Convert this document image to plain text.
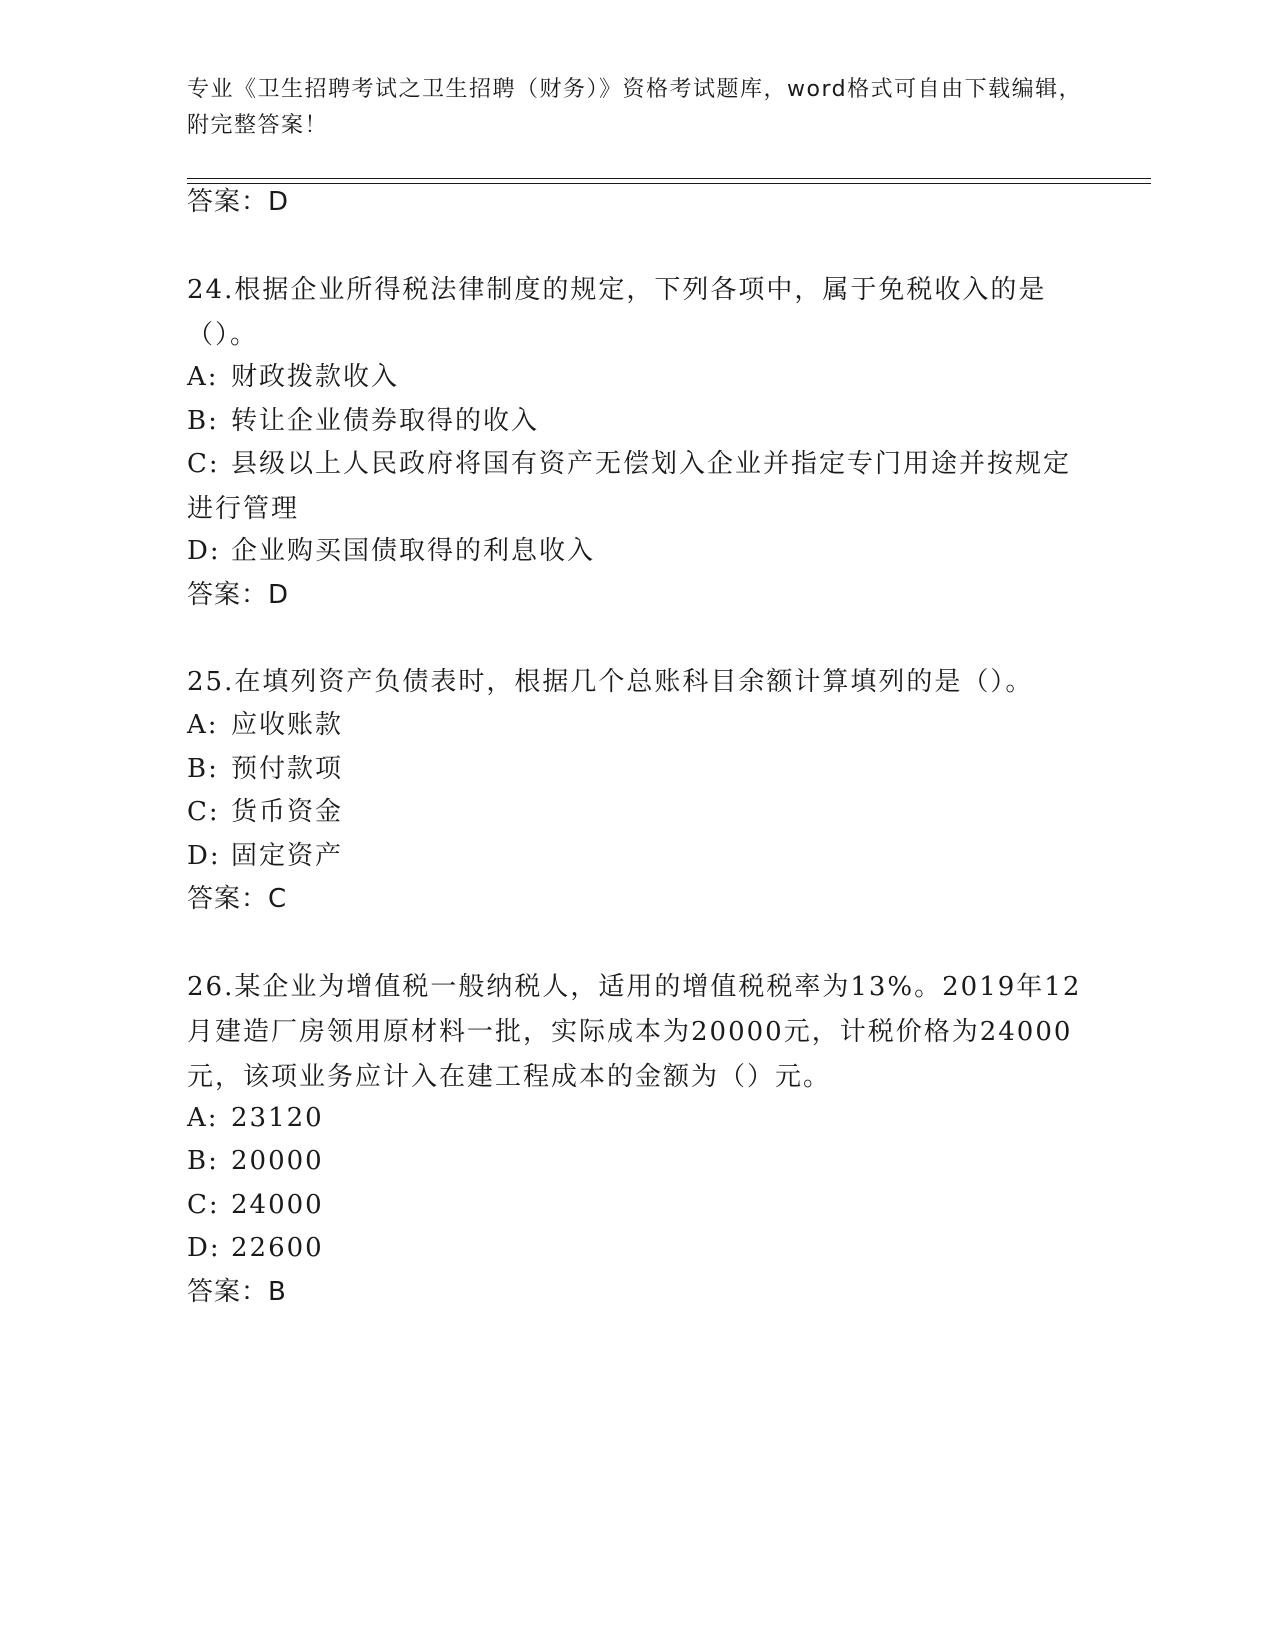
专业《卫生招聘考试之卫生招聘（财务）》资格考试题库，word格式可自由下载编辑，附完整答案！
答案：D
24.根据企业所得税法律制度的规定，下列各项中，属于免税收入的是（）。
A: 财政拨款收入
B: 转让企业债券取得的收入
C: 县级以上人民政府将国有资产无偿划入企业并指定专门用途并按规定进行管理
D: 企业购买国债取得的利息收入
答案：D
25.在填列资产负债表时，根据几个总账科目余额计算填列的是（）。
A: 应收账款
B: 预付款项
C: 货币资金
D: 固定资产
答案：C
26.某企业为增值税一般纳税人，适用的增值税税率为13%。2019年12月建造厂房领用原材料一批，实际成本为20000元，计税价格为24000元，该项业务应计入在建工程成本的金额为（）元。
A: 23120
B: 20000
C: 24000
D: 22600
答案：B
